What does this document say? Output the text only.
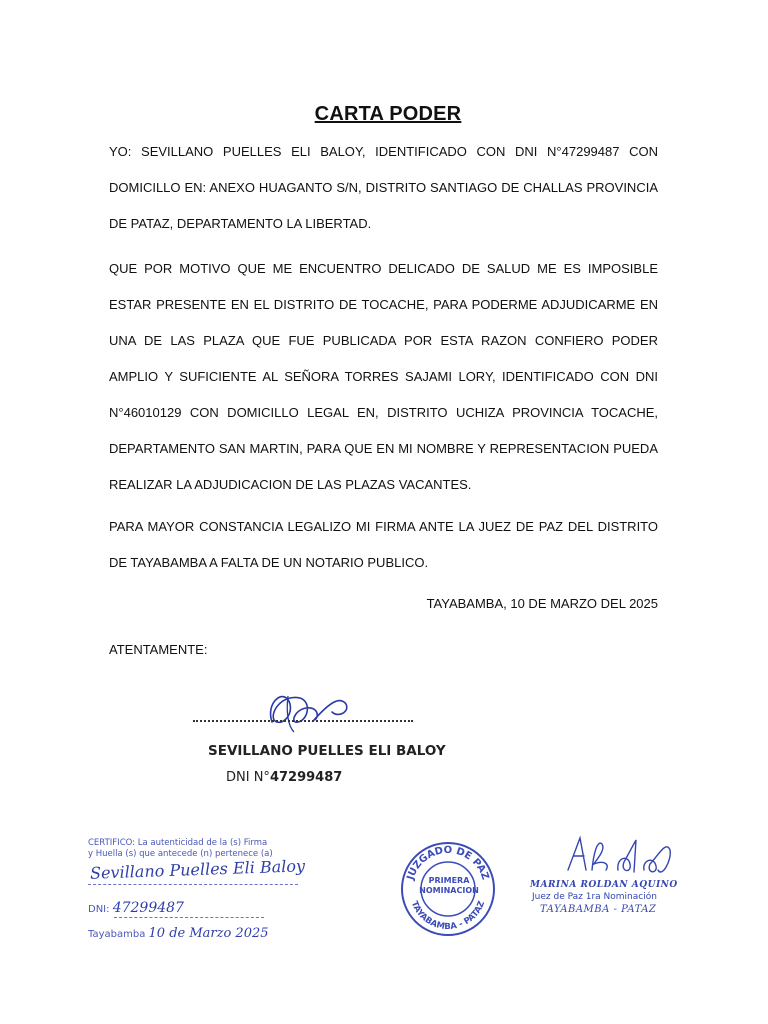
CARTA PODER
YO: SEVILLANO PUELLES ELI BALOY, IDENTIFICADO CON DNI N°47299487 CON DOMICILLO EN: ANEXO HUAGANTO S/N, DISTRITO SANTIAGO DE CHALLAS PROVINCIA DE PATAZ, DEPARTAMENTO LA LIBERTAD.
QUE POR MOTIVO QUE ME ENCUENTRO DELICADO DE SALUD ME ES IMPOSIBLE ESTAR PRESENTE EN EL DISTRITO DE TOCACHE, PARA PODERME ADJUDICARME EN UNA DE LAS PLAZA QUE FUE PUBLICADA POR ESTA RAZON CONFIERO PODER AMPLIO Y SUFICIENTE AL SEÑORA TORRES SAJAMI LORY, IDENTIFICADO CON DNI N°46010129 CON DOMICILLO LEGAL EN, DISTRITO UCHIZA PROVINCIA TOCACHE, DEPARTAMENTO SAN MARTIN, PARA QUE EN MI NOMBRE Y REPRESENTACION PUEDA REALIZAR LA ADJUDICACION DE LAS PLAZAS VACANTES.
PARA MAYOR CONSTANCIA LEGALIZO MI FIRMA ANTE LA JUEZ DE PAZ DEL DISTRITO DE TAYABAMBA A FALTA DE UN NOTARIO PUBLICO.
TAYABAMBA, 10 DE MARZO DEL 2025
ATENTAMENTE:
SEVILLANO PUELLES ELI BALOY
DNI N°47299487
CERTIFICO: La autenticidad de la (s) Firma
y Huella (s) que antecede (n) pertenece (a)
Sevillano Puelles Eli Baloy
DNI: 47299487
Tayabamba 10 de Marzo 2025
JUZGADO DE PAZ
TAYABAMBA - PATAZ
PRIMERA
NOMINACION
MARINA ROLDAN AQUINO
Juez de Paz 1ra Nominación
TAYABAMBA - PATAZ
